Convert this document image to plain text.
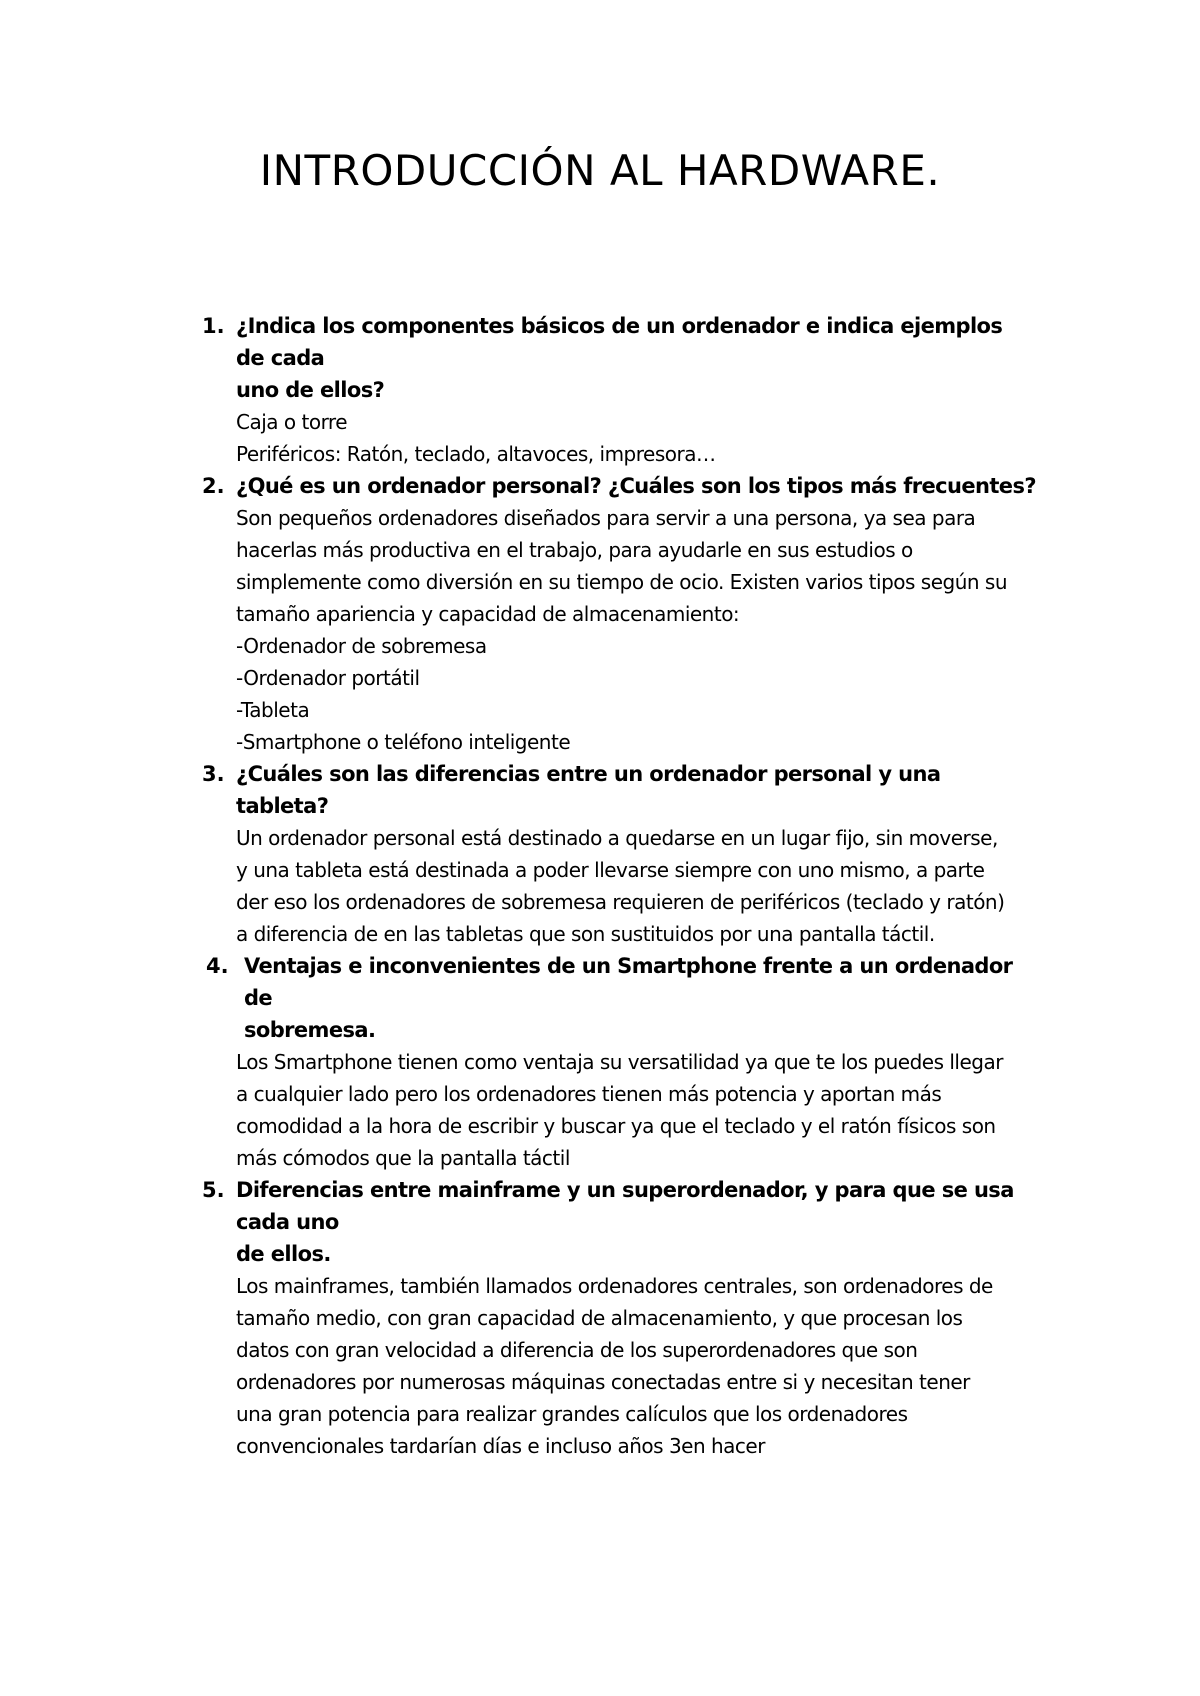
INTRODUCCIÓN AL HARDWARE.
1. ¿Indica los componentes básicos de un ordenador e indica ejemplos de cada
uno de ellos?
Caja o torre
Periféricos: Ratón, teclado, altavoces, impresora…
2. ¿Qué es un ordenador personal? ¿Cuáles son los tipos más frecuentes?
Son pequeños ordenadores diseñados para servir a una persona, ya sea para
hacerlas más productiva en el trabajo, para ayudarle en sus estudios o
simplemente como diversión en su tiempo de ocio. Existen varios tipos según su
tamaño apariencia y capacidad de almacenamiento:
-Ordenador de sobremesa
-Ordenador portátil
-Tableta
-Smartphone o teléfono inteligente
3. ¿Cuáles son las diferencias entre un ordenador personal y una tableta?
Un ordenador personal está destinado a quedarse en un lugar fijo, sin moverse,
y una tableta está destinada a poder llevarse siempre con uno mismo, a parte
der eso los ordenadores de sobremesa requieren de periféricos (teclado y ratón)
a diferencia de en las tabletas que son sustituidos por una pantalla táctil.
4. Ventajas e inconvenientes de un Smartphone frente a un ordenador de
sobremesa.
Los Smartphone tienen como ventaja su versatilidad ya que te los puedes llegar
a cualquier lado pero los ordenadores tienen más potencia y aportan más
comodidad a la hora de escribir y buscar ya que el teclado y el ratón físicos son
más cómodos que la pantalla táctil
5. Diferencias entre mainframe y un superordenador, y para que se usa cada uno
de ellos.
Los mainframes, también llamados ordenadores centrales, son ordenadores de
tamaño medio, con gran capacidad de almacenamiento, y que procesan los
datos con gran velocidad a diferencia de los superordenadores que son
ordenadores por numerosas máquinas conectadas entre si y necesitan tener
una gran potencia para realizar grandes calículos que los ordenadores
convencionales tardarían días e incluso años 3en hacer
